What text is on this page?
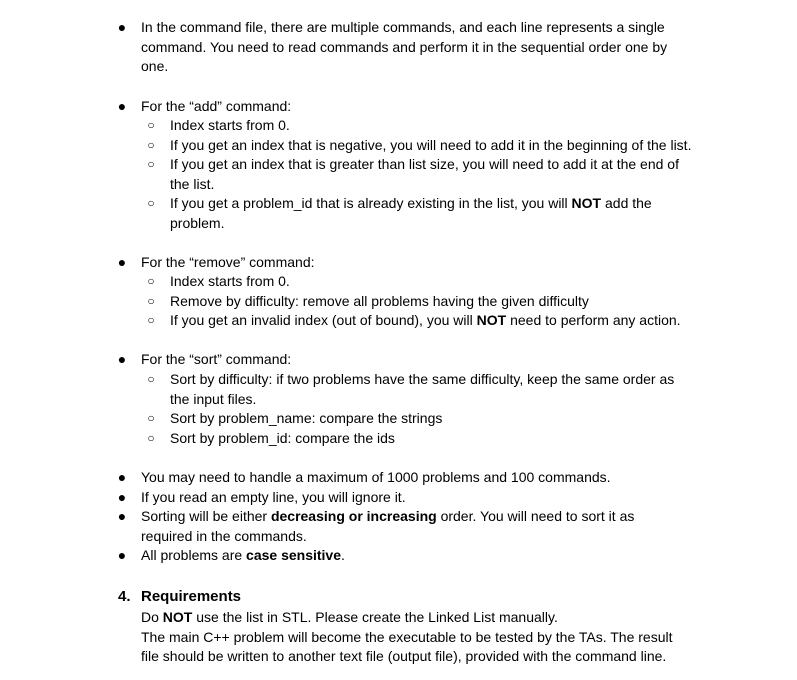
● In the command file, there are multiple commands, and each line represents a single
command. You need to read commands and perform it in the sequential order one by
one.
● For the “add” command:
○ Index starts from 0.
○ If you get an index that is negative, you will need to add it in the beginning of the list.
○ If you get an index that is greater than list size, you will need to add it at the end of
the list.
○ If you get a problem_id that is already existing in the list, you will NOT add the
problem.
● For the “remove” command:
○ Index starts from 0.
○ Remove by difficulty: remove all problems having the given difficulty
○ If you get an invalid index (out of bound), you will NOT need to perform any action.
● For the “sort” command:
○ Sort by difficulty: if two problems have the same difficulty, keep the same order as
the input files.
○ Sort by problem_name: compare the strings
○ Sort by problem_id: compare the ids
● You may need to handle a maximum of 1000 problems and 100 commands.
● If you read an empty line, you will ignore it.
● Sorting will be either decreasing or increasing order. You will need to sort it as
required in the commands.
● All problems are case sensitive.
4. Requirements
Do NOT use the list in STL. Please create the Linked List manually.
The main C++ problem will become the executable to be tested by the TAs. The result
file should be written to another text file (output file), provided with the command line.
